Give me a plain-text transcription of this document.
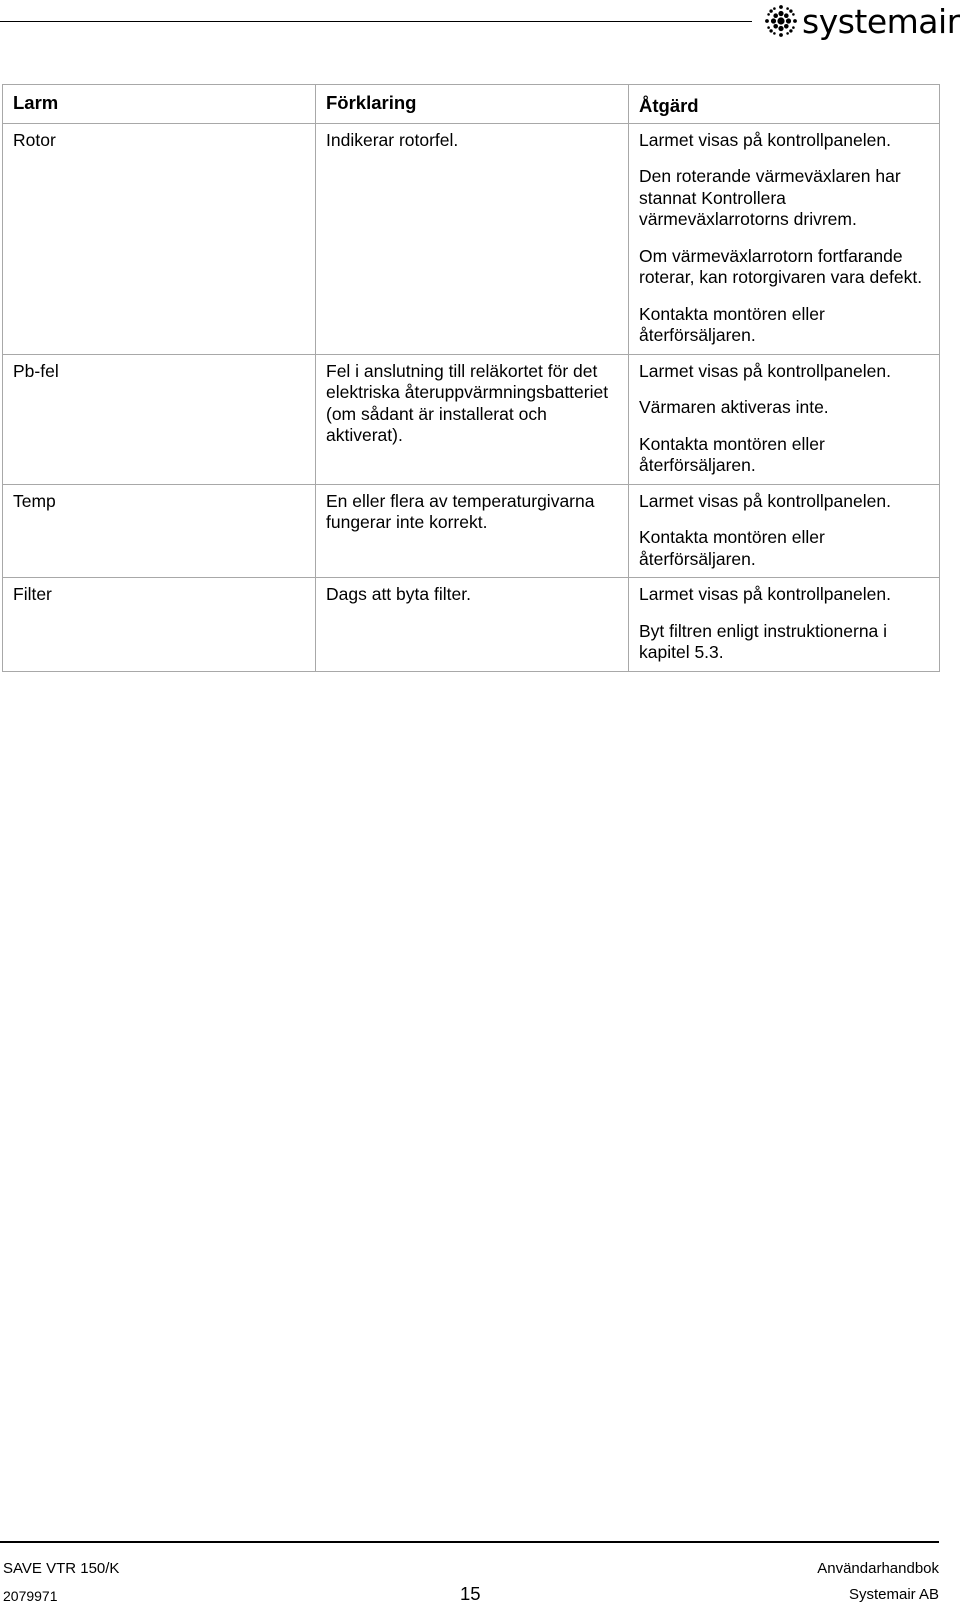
systemair
Larm	Förklaring	Åtgärd
Rotor	Indikerar rotorfel.	Larmet visas på kontrollpanelen.
Den roterande värmeväxlaren har stannat Kontrollera värmeväxlarrotorns drivrem.
Om värmeväxlarrotorn fortfarande roterar, kan rotorgivaren vara defekt.
Kontakta montören eller återförsäljaren.

Pb-fel	Fel i anslutning till reläkortet för det elektriska återuppvärmningsbatteriet (om sådant är installerat och aktiverat).	Larmet visas på kontrollpanelen.
Värmaren aktiveras inte.
Kontakta montören eller återförsäljaren.

Temp	En eller flera av temperaturgivarna fungerar inte korrekt.	Larmet visas på kontrollpanelen.
Kontakta montören eller återförsäljaren.

Filter	Dags att byta filter.	Larmet visas på kontrollpanelen.
Byt filtren enligt instruktionerna i kapitel 5.3.
SAVE VTR 150/K
2079971	15
Användarhandbok
Systemair AB
